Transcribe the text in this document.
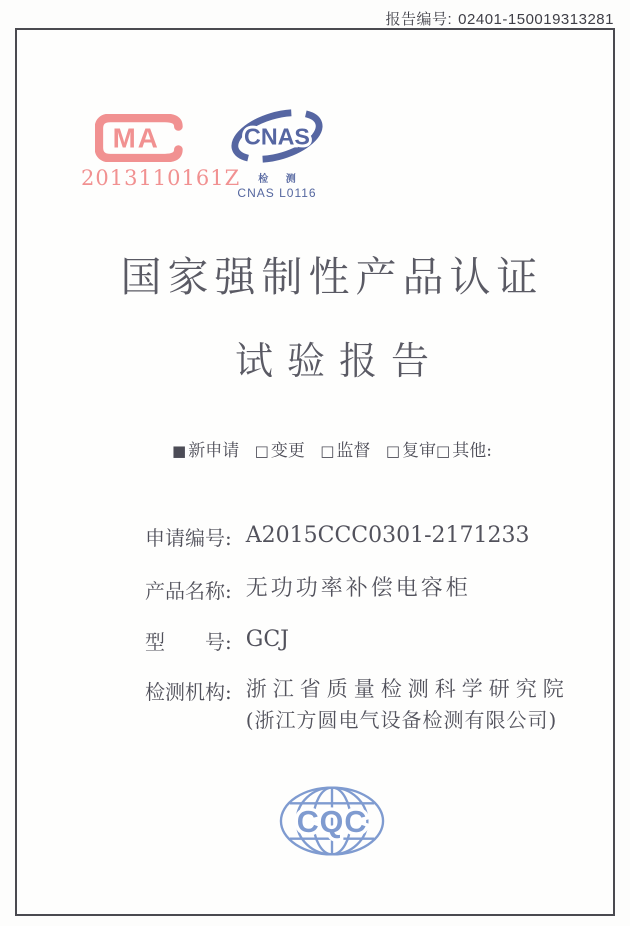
报告编号: 02401-150019313281
MA
2013110161Z
CNAS
检 测
CNAS L0116
国家强制性产品认证
试验报告
■ 新申请 □ 变更 □ 监督 □ 复审□ 其他:
申请编号: A2015CCC0301-2171233
产品名称: 无功功率补偿电容柜
型　　号: GCJ
检测机构: 浙江省质量检测科学研究院
(浙江方圆电气设备检测有限公司)
CQC
